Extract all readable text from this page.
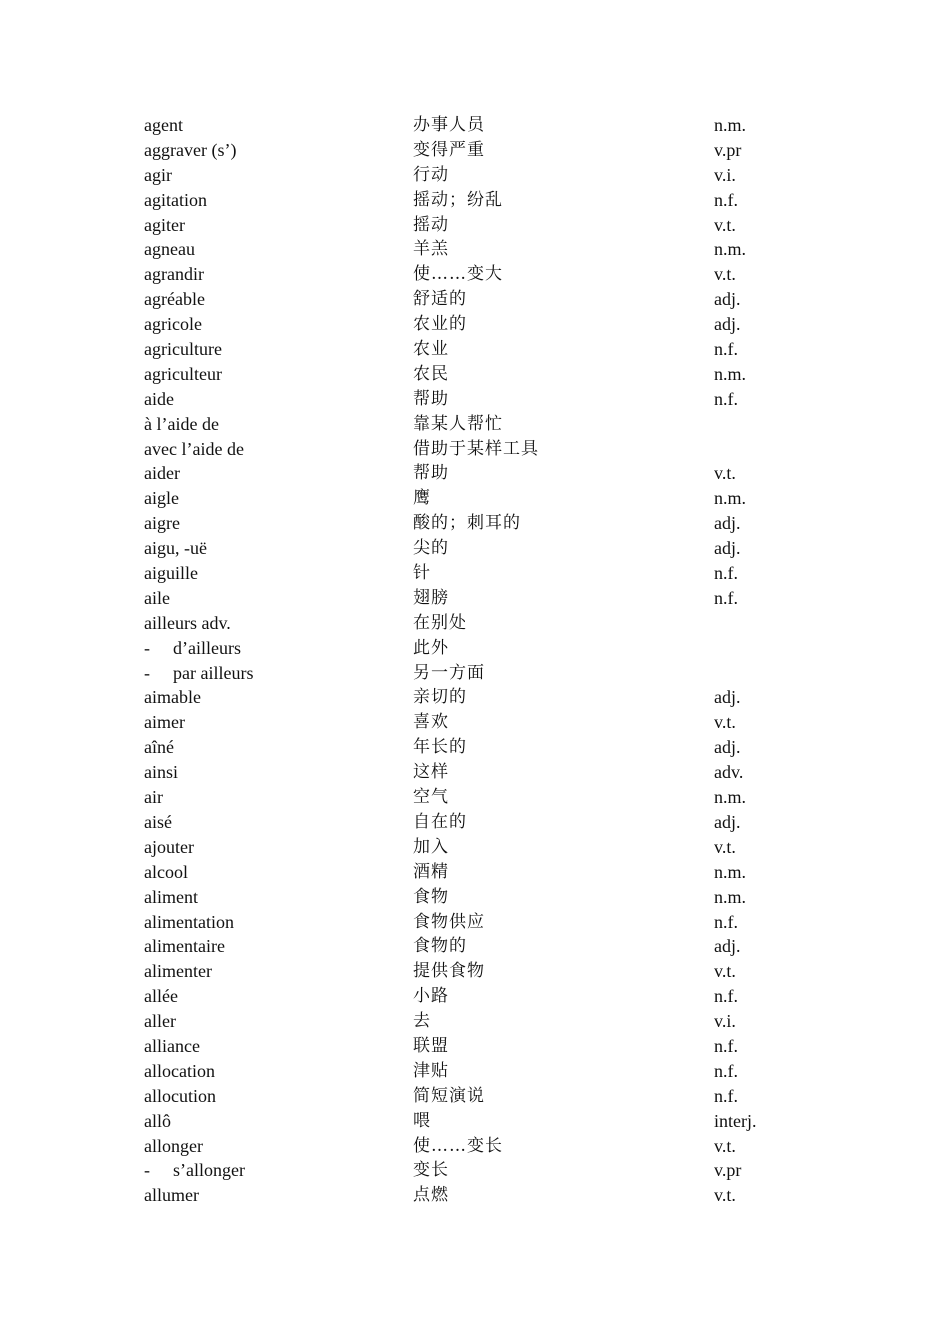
agent	办事人员	n.m.
aggraver (s’)	变得严重	v.pr
agir	行动	v.i.
agitation	摇动；纷乱	n.f.
agiter	摇动	v.t.
agneau	羊羔	n.m.
agrandir	使……变大	v.t.
agréable	舒适的	adj.
agricole	农业的	adj.
agriculture	农业	n.f.
agriculteur	农民	n.m.
aide	帮助	n.f.
à l’aide de	靠某人帮忙
avec l’aide de	借助于某样工具
aider	帮助	v.t.
aigle	鹰	n.m.
aigre	酸的；刺耳的	adj.
aigu, -uë	尖的	adj.
aiguille	针	n.f.
aile	翅膀	n.f.
ailleurs adv.	在别处
- d’ailleurs	此外
- par ailleurs	另一方面
aimable	亲切的	adj.
aimer	喜欢	v.t.
aîné	年长的	adj.
ainsi	这样	adv.
air	空气	n.m.
aisé	自在的	adj.
ajouter	加入	v.t.
alcool	酒精	n.m.
aliment	食物	n.m.
alimentation	食物供应	n.f.
alimentaire	食物的	adj.
alimenter	提供食物	v.t.
allée	小路	n.f.
aller	去	v.i.
alliance	联盟	n.f.
allocation	津贴	n.f.
allocution	简短演说	n.f.
allô	喂	interj.
allonger	使……变长	v.t.
- s’allonger	变长	v.pr
allumer	点燃	v.t.
